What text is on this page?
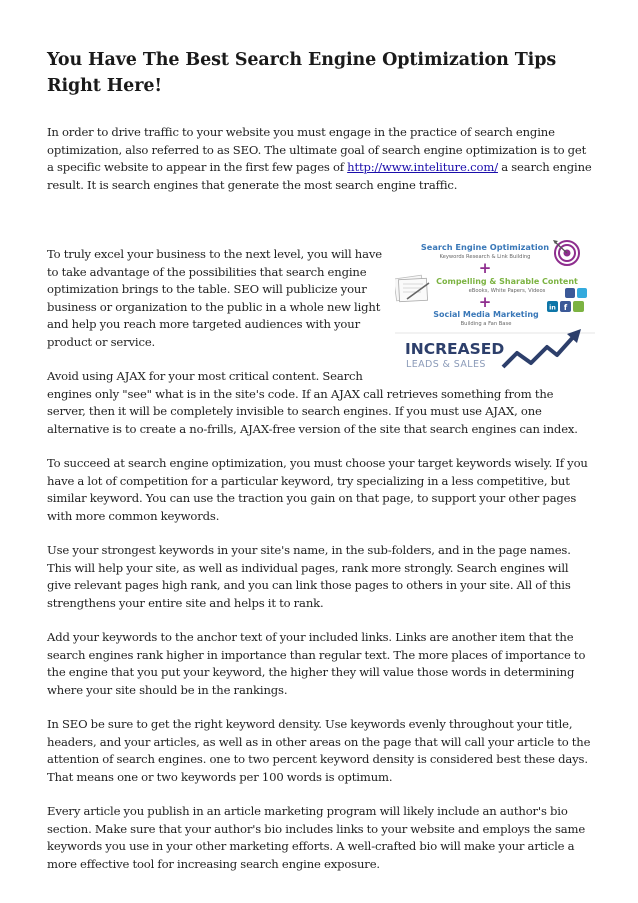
You Have The Best Search Engine Optimization Tips Right Here!

In order to drive traffic to your website you must engage in the practice of search engine optimization, also referred to as SEO. The ultimate goal of search engine optimization is to get a specific website to appear in the first few pages of http://www.inteliture.com/ a search engine result. It is search engines that generate the most search engine traffic.

Search Engine Optimization
Keywords Research & Link Building
+
Compelling & Sharable Content
eBooks, White Papers, Videos
in f
+
Social Media Marketing
Building a Fan Base
INCREASED
LEADS & SALES

To truly excel your business to the next level, you will have to take advantage of the possibilities that search engine optimization brings to the table. SEO will publicize your business or organization to the public in a whole new light and help you reach more targeted audiences with your product or service.

Avoid using AJAX for your most critical content. Search engines only "see" what is in the site's code. If an AJAX call retrieves something from the server, then it will be completely invisible to search engines. If you must use AJAX, one alternative is to create a no-frills, AJAX-free version of the site that search engines can index.

To succeed at search engine optimization, you must choose your target keywords wisely. If you have a lot of competition for a particular keyword, try specializing in a less competitive, but similar keyword. You can use the traction you gain on that page, to support your other pages with more common keywords.

Use your strongest keywords in your site's name, in the sub-folders, and in the page names. This will help your site, as well as individual pages, rank more strongly. Search engines will give relevant pages high rank, and you can link those pages to others in your site. All of this strengthens your entire site and helps it to rank.

Add your keywords to the anchor text of your included links. Links are another item that the search engines rank higher in importance than regular text. The more places of importance to the engine that you put your keyword, the higher they will value those words in determining where your site should be in the rankings.

In SEO be sure to get the right keyword density. Use keywords evenly throughout your title, headers, and your articles, as well as in other areas on the page that will call your article to the attention of search engines. one to two percent keyword density is considered best these days. That means one or two keywords per 100 words is optimum.

Every article you publish in an article marketing program will likely include an author's bio section. Make sure that your author's bio includes links to your website and employs the same keywords you use in your other marketing efforts. A well-crafted bio will make your article a more effective tool for increasing search engine exposure.
